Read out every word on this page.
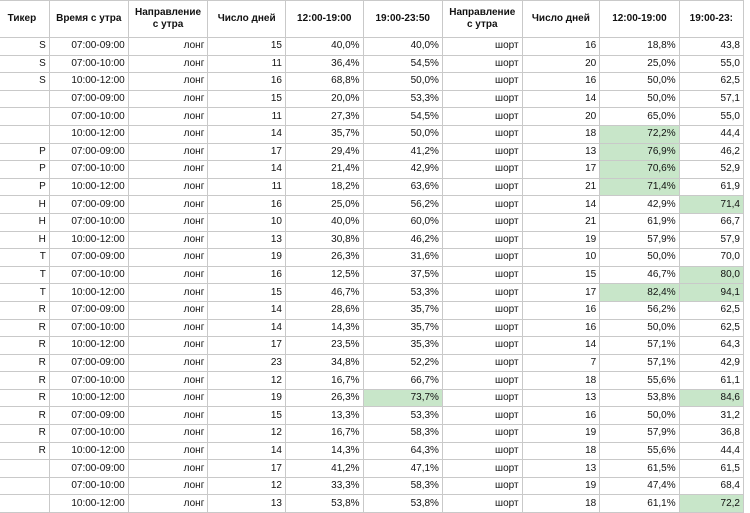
Тикер	Время с утра	Направление с утра	Число дней	12:00-19:00	19:00-23:50	Направление с утра	Число дней	12:00-19:00	19:00-23:
S	07:00-09:00	лонг	15	40,0%	40,0%	шорт	16	18,8%	43,8
S	07:00-10:00	лонг	11	36,4%	54,5%	шорт	20	25,0%	55,0
S	10:00-12:00	лонг	16	68,8%	50,0%	шорт	16	50,0%	62,5
	07:00-09:00	лонг	15	20,0%	53,3%	шорт	14	50,0%	57,1
	07:00-10:00	лонг	11	27,3%	54,5%	шорт	20	65,0%	55,0
	10:00-12:00	лонг	14	35,7%	50,0%	шорт	18	72,2%	44,4
P	07:00-09:00	лонг	17	29,4%	41,2%	шорт	13	76,9%	46,2
P	07:00-10:00	лонг	14	21,4%	42,9%	шорт	17	70,6%	52,9
P	10:00-12:00	лонг	11	18,2%	63,6%	шорт	21	71,4%	61,9
H	07:00-09:00	лонг	16	25,0%	56,2%	шорт	14	42,9%	71,4
H	07:00-10:00	лонг	10	40,0%	60,0%	шорт	21	61,9%	66,7
H	10:00-12:00	лонг	13	30,8%	46,2%	шорт	19	57,9%	57,9
T	07:00-09:00	лонг	19	26,3%	31,6%	шорт	10	50,0%	70,0
T	07:00-10:00	лонг	16	12,5%	37,5%	шорт	15	46,7%	80,0
T	10:00-12:00	лонг	15	46,7%	53,3%	шорт	17	82,4%	94,1
R	07:00-09:00	лонг	14	28,6%	35,7%	шорт	16	56,2%	62,5
R	07:00-10:00	лонг	14	14,3%	35,7%	шорт	16	50,0%	62,5
R	10:00-12:00	лонг	17	23,5%	35,3%	шорт	14	57,1%	64,3
R	07:00-09:00	лонг	23	34,8%	52,2%	шорт	7	57,1%	42,9
R	07:00-10:00	лонг	12	16,7%	66,7%	шорт	18	55,6%	61,1
R	10:00-12:00	лонг	19	26,3%	73,7%	шорт	13	53,8%	84,6
R	07:00-09:00	лонг	15	13,3%	53,3%	шорт	16	50,0%	31,2
R	07:00-10:00	лонг	12	16,7%	58,3%	шорт	19	57,9%	36,8
R	10:00-12:00	лонг	14	14,3%	64,3%	шорт	18	55,6%	44,4
	07:00-09:00	лонг	17	41,2%	47,1%	шорт	13	61,5%	61,5
	07:00-10:00	лонг	12	33,3%	58,3%	шорт	19	47,4%	68,4
	10:00-12:00	лонг	13	53,8%	53,8%	шорт	18	61,1%	72,2
